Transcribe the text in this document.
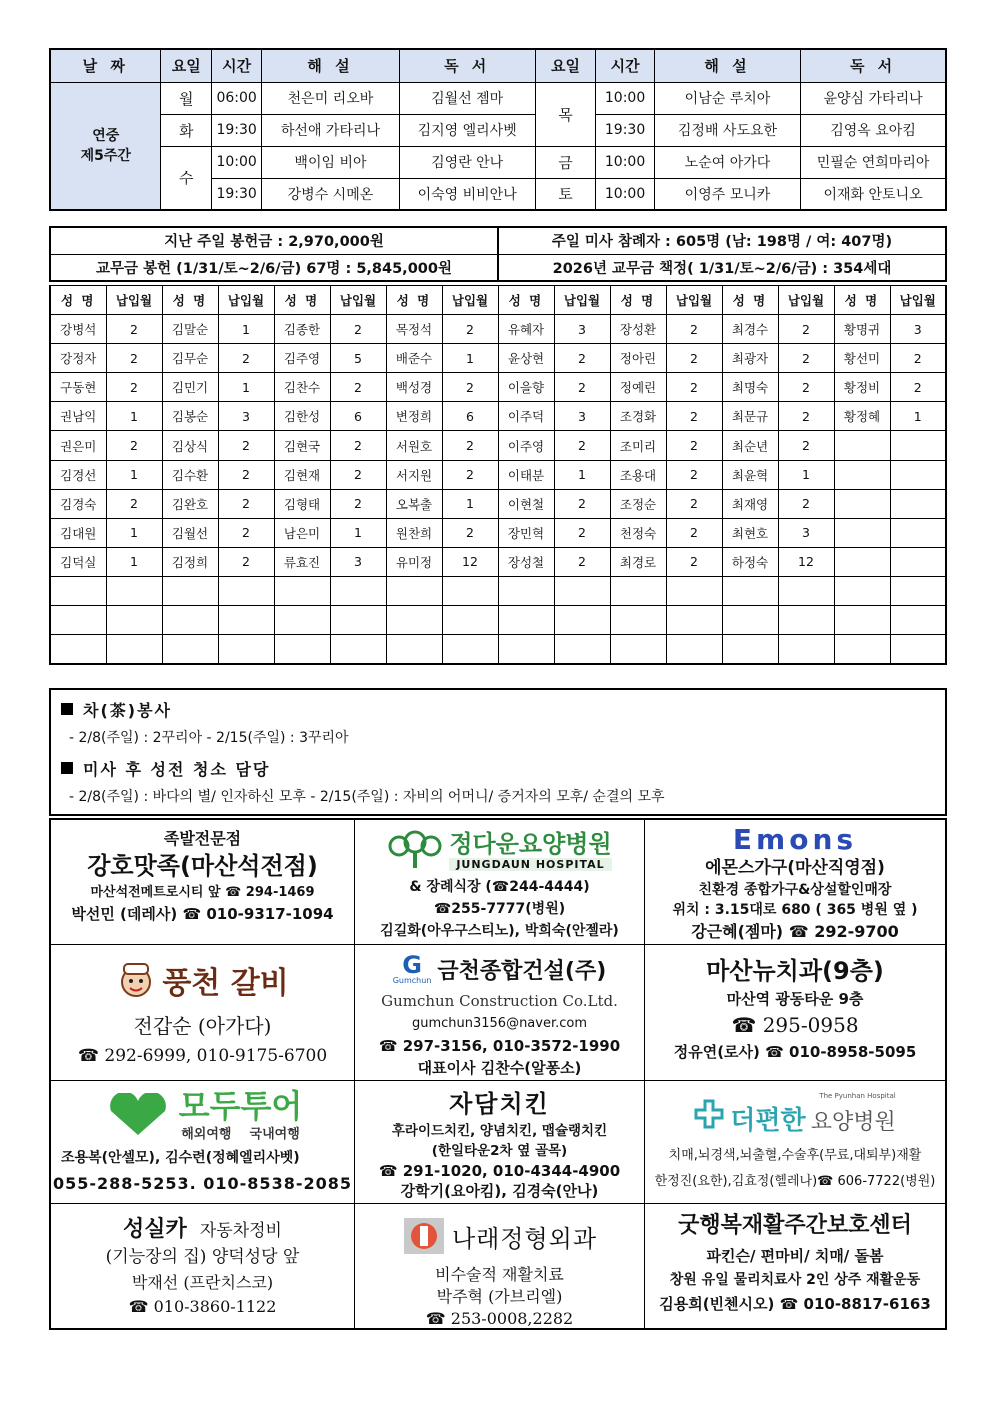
날 짜	요일	시간	해 설	독 서	요일	시간	해 설	독 서

연중
제5주간	월	06:00	천은미 리오바	김월선 젬마	목	10:00	이남순 루치아	윤양심 가타리나
	화	19:30	하선애 가타리나	김지영 엘리사벳		19:30	김정배 사도요한	김영옥 요아킴
	수	10:00	백이임 비아	김영란 안나	금	10:00	노순여 아가다	민필순 연희마리아
		19:30	강병수 시메온	이숙영 비비안나	토	10:00	이영주 모니카	이재화 안토니오
지난 주일 봉헌금 : 2,970,000원	주일 미사 참례자 : 605명 (남: 198명 / 여: 407명)
교무금 봉헌 (1/31/토~2/6/금) 67명 : 5,845,000원	2026년 교무금 책정( 1/31/토~2/6/금) : 354세대
성 명	납입월	성 명	납입월	성 명	납입월	성 명	납입월	성 명	납입월	성 명	납입월	성 명	납입월	성 명	납입월
강병석	2	김말순	1	김종한	2	목정석	2	유혜자	3	장성환	2	최경수	2	황명귀	3
강정자	2	김무순	2	김주영	5	배준수	1	윤상현	2	정아린	2	최광자	2	황선미	2
구동현	2	김민기	1	김찬수	2	백성경	2	이을향	2	정예린	2	최명숙	2	황정비	2
권남익	1	김봉순	3	김한성	6	변정희	6	이주덕	3	조경화	2	최문규	2	황정혜	1
권은미	2	김상식	2	김현국	2	서원호	2	이주영	2	조미리	2	최순년	2		
김경선	1	김수환	2	김현재	2	서지원	2	이태분	1	조용대	2	최윤혁	1		
김경숙	2	김완호	2	김형태	2	오복출	1	이현철	2	조정순	2	최재영	2		
김대원	1	김월선	2	남은미	1	원찬희	2	장민혁	2	천정숙	2	최현호	3		
김덕실	1	김정희	2	류효진	3	유미정	12	장성철	2	최경로	2	하정숙	12		

차(茶)봉사
- 2/8(주일) : 2꾸리아 - 2/15(주일) : 3꾸리아
미사 후 성전 청소 담당
- 2/8(주일) : 바다의 별/ 인자하신 모후 - 2/15(주일) : 자비의 어머니/ 증거자의 모후/ 순결의 모후
족발전문점
강호맛족(마산석전점)
마산석전메트로시티 앞 ☎ 294-1469
박선민 (데레사) ☎ 010-9317-1094
정다운요양병원
JUNGDAUN HOSPITAL
& 장례식장 (☎244-4444)
☎255-7777(병원)
김길화(아우구스티노), 박희숙(안젤라)
Emons
에몬스가구(마산직영점)
친환경 종합가구&상설할인매장
위치 : 3.15대로 680 ( 365 병원 옆 )
강근혜(젬마) ☎ 292-9700
풍천 갈비
전갑순 (아가다)
☎ 292-6999, 010-9175-6700
G
Gumchun 금천종합건설(주)
Gumchun Construction Co.Ltd.
gumchun3156@naver.com
☎ 297-3156, 010-3572-1990
대표이사 김찬수(알퐁소)
마산뉴치과(9층)
마산역 광동타운 9층
☎ 295-0958
정유연(로사) ☎ 010-8958-5095
모두투어
해외여행    국내여행
조용복(안셀모), 김수련(정혜엘리사벳)
055-288-5253. 010-8538-2085
자담치킨
후라이드치킨, 양념치킨, 맵슐랭치킨
(한일타운2차 옆 골목)
☎ 291-1020, 010-4344-4900
강학기(요아킴), 김경숙(안나)
The Pyunhan Hospital
더편한 요양병원
치매,뇌경색,뇌출혈,수술후(무료,대퇴부)재활
한정진(요한),김효정(헬레나)☎ 606-7722(병원)
성실카 자동차정비
(기능장의 집) 양덕성당 앞
박재선 (프란치스코)
☎ 010-3860-1122
나래정형외과
비수술적 재활치료
박주혁 (가브리엘)
☎ 253-0008,2282
굿행복재활주간보호센터
파킨슨/ 편마비/ 치매/ 돌봄
창원 유일 물리치료사 2인 상주 재활운동
김용희(빈첸시오) ☎ 010-8817-6163
